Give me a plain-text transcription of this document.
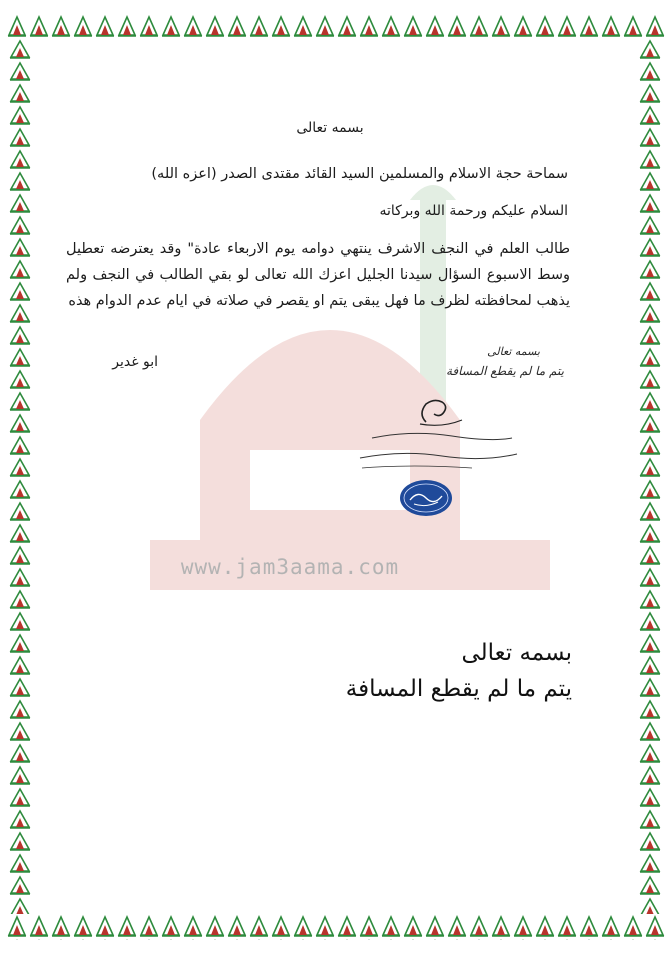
www.jam3aama.com
بسمه تعالى
سماحة حجة الاسلام والمسلمين السيد القائد مقتدى الصدر (اعزه الله)
السلام عليكم ورحمة الله وبركاته
طالب العلم في النجف الاشرف ينتهي دوامه يوم الاربعاء عادة" وقد يعترضه تعطيل وسط الاسبوع السؤال سيدنا الجليل اعزك الله تعالى لو بقي الطالب في النجف ولم يذهب لمحافظته لظرف ما فهل يبقى يتم او يقصر في صلاته في ايام عدم الدوام هذه
ابو غدير
بسمه تعالى
يتم ما لم يقطع المسافة
بسمه تعالى
يتم ما لم يقطع المسافة
